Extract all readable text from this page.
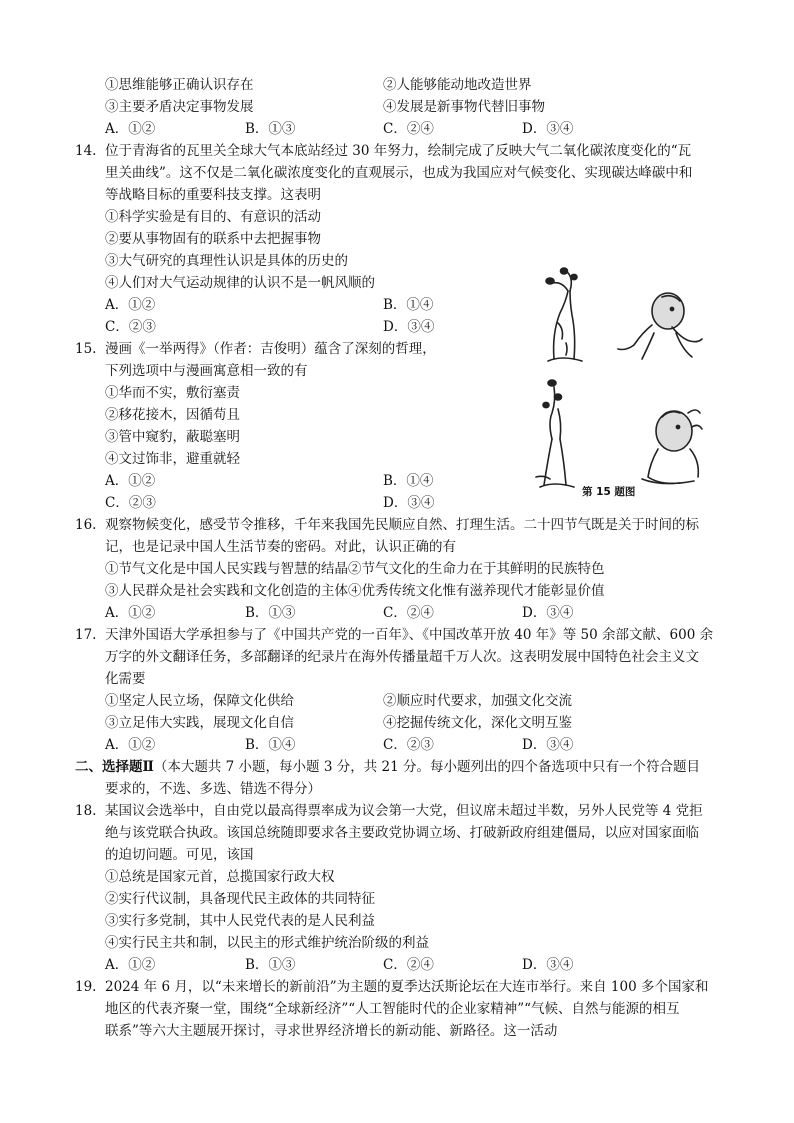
①思维能够正确认识存在	②人能够能动地改造世界
③主要矛盾决定事物发展	④发展是新事物代替旧事物
A．①②	B．①③	C．②④	D．③④
14. 位于青海省的瓦里关全球大气本底站经过 30 年努力，绘制完成了反映大气二氧化碳浓度变化的“瓦
里关曲线”。这不仅是二氧化碳浓度变化的直观展示，也成为我国应对气候变化、实现碳达峰碳中和
等战略目标的重要科技支撑。这表明
①科学实验是有目的、有意识的活动
②要从事物固有的联系中去把握事物
③大气研究的真理性认识是具体的历史的
④人们对大气运动规律的认识不是一帆风顺的
A．①②	B．①④
C．②③	D．③④
15. 漫画《一举两得》（作者：吉俊明）蕴含了深刻的哲理，
下列选项中与漫画寓意相一致的有
①华而不实，敷衍塞责
②移花接木，因循苟且
③管中窥豹，蔽聪塞明
④文过饰非，避重就轻
A．①②	B．①④
C．②③	D．③④
第 15 题图
16. 观察物候变化，感受节令推移，千年来我国先民顺应自然、打理生活。二十四节气既是关于时间的标
记，也是记录中国人生活节奏的密码。对此，认识正确的有
①节气文化是中国人民实践与智慧的结晶②节气文化的生命力在于其鲜明的民族特色
③人民群众是社会实践和文化创造的主体④优秀传统文化惟有滋养现代才能彰显价值
A．①②	B．①③	C．②④	D．③④
17. 天津外国语大学承担参与了《中国共产党的一百年》、《中国改革开放 40 年》等 50 余部文献、600 余
万字的外文翻译任务，多部翻译的纪录片在海外传播量超千万人次。这表明发展中国特色社会主义文
化需要
①坚定人民立场，保障文化供给	②顺应时代要求，加强文化交流
③立足伟大实践，展现文化自信	④挖掘传统文化，深化文明互鉴
A．①②	B．①④	C．②③	D．③④
二、选择题Ⅱ（本大题共 7 小题，每小题 3 分，共 21 分。每小题列出的四个备选项中只有一个符合题目
要求的，不选、多选、错选不得分）
18. 某国议会选举中，自由党以最高得票率成为议会第一大党，但议席未超过半数，另外人民党等 4 党拒
绝与该党联合执政。该国总统随即要求各主要政党协调立场、打破新政府组建僵局，以应对国家面临
的迫切问题。可见，该国
①总统是国家元首，总揽国家行政大权
②实行代议制，具备现代民主政体的共同特征
③实行多党制，其中人民党代表的是人民利益
④实行民主共和制，以民主的形式维护统治阶级的利益
A．①②	B．①③	C．②④	D．③④
19. 2024 年 6 月，以“未来增长的新前沿”为主题的夏季达沃斯论坛在大连市举行。来自 100 多个国家和
地区的代表齐聚一堂，围绕“全球新经济”“人工智能时代的企业家精神”“气候、自然与能源的相互
联系”等六大主题展开探讨，寻求世界经济增长的新动能、新路径。这一活动
